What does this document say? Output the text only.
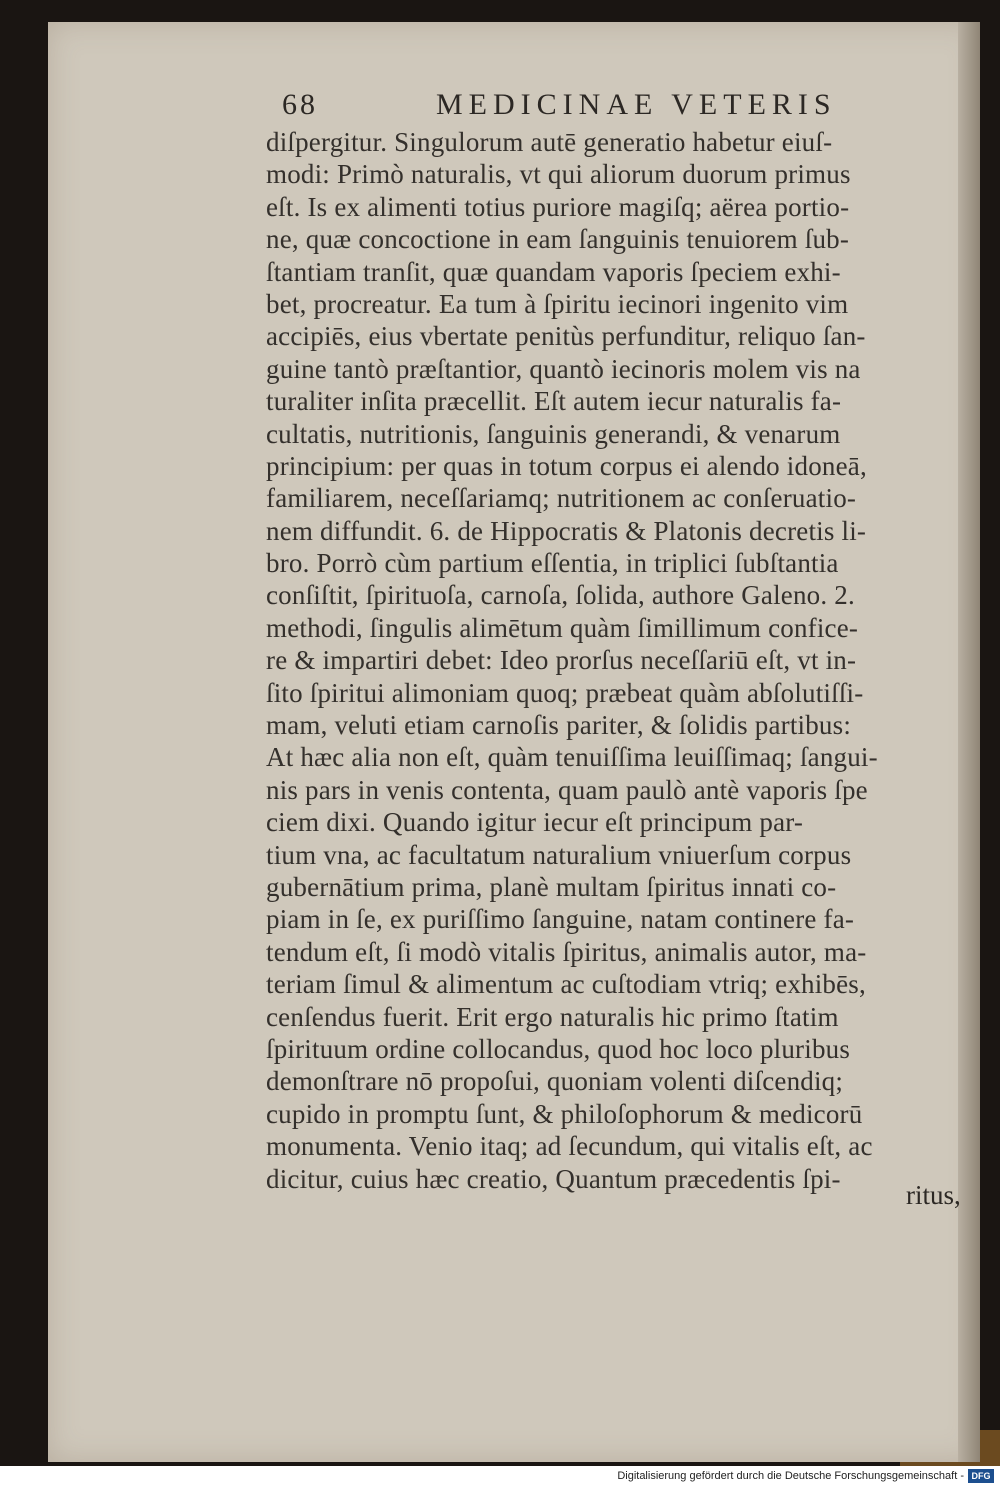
68	MEDICINAE VETERIS
diſpergitur. Singulorum autē generatio habetur eiuſ-
modi: Primò naturalis, vt qui aliorum duorum primus
eſt. Is ex alimenti totius puriore magiſq; aërea portio-
ne, quæ concoctione in eam ſanguinis tenuiorem ſub-
ſtantiam tranſit, quæ quandam vaporis ſpeciem exhi-
bet, procreatur. Ea tum à ſpiritu iecinori ingenito vim
accipiēs, eius vbertate penitùs perfunditur, reliquo ſan-
guine tantò præſtantior, quantò iecinoris molem vis na
turaliter inſita præcellit. Eſt autem iecur naturalis fa-
cultatis, nutritionis, ſanguinis generandi, & venarum
principium: per quas in totum corpus ei alendo idoneā,
familiarem, neceſſariamq; nutritionem ac conſeruatio-
nem diffundit. 6. de Hippocratis & Platonis decretis li-
bro. Porrò cùm partium eſſentia, in triplici ſubſtantia
conſiſtit, ſpirituoſa, carnoſa, ſolida, authore Galeno. 2.
methodi, ſingulis alimētum quàm ſimillimum confice-
re & impartiri debet: Ideo prorſus neceſſariū eſt, vt in-
ſito ſpiritui alimoniam quoq; præbeat quàm abſolutiſſi-
mam, veluti etiam carnoſis pariter, & ſolidis partibus:
At hæc alia non eſt, quàm tenuiſſima leuiſſimaq; ſangui-
nis pars in venis contenta, quam paulò antè vaporis ſpe
ciem dixi. Quando igitur iecur eſt principum par-
tium vna, ac facultatum naturalium vniuerſum corpus
gubernātium prima, planè multam ſpiritus innati co-
piam in ſe, ex puriſſimo ſanguine, natam continere fa-
tendum eſt, ſi modò vitalis ſpiritus, animalis autor, ma-
teriam ſimul & alimentum ac cuſtodiam vtriq; exhibēs,
cenſendus fuerit. Erit ergo naturalis hic primo ſtatim
ſpirituum ordine collocandus, quod hoc loco pluribus
demonſtrare nō propoſui, quoniam volenti diſcendiq;
cupido in promptu ſunt, & philoſophorum & medicorū
monumenta. Venio itaq; ad ſecundum, qui vitalis eſt, ac
dicitur, cuius hæc creatio, Quantum præcedentis ſpi-
ritus,
Digitalisierung gefördert durch die Deutsche Forschungsgemeinschaft - DFG
